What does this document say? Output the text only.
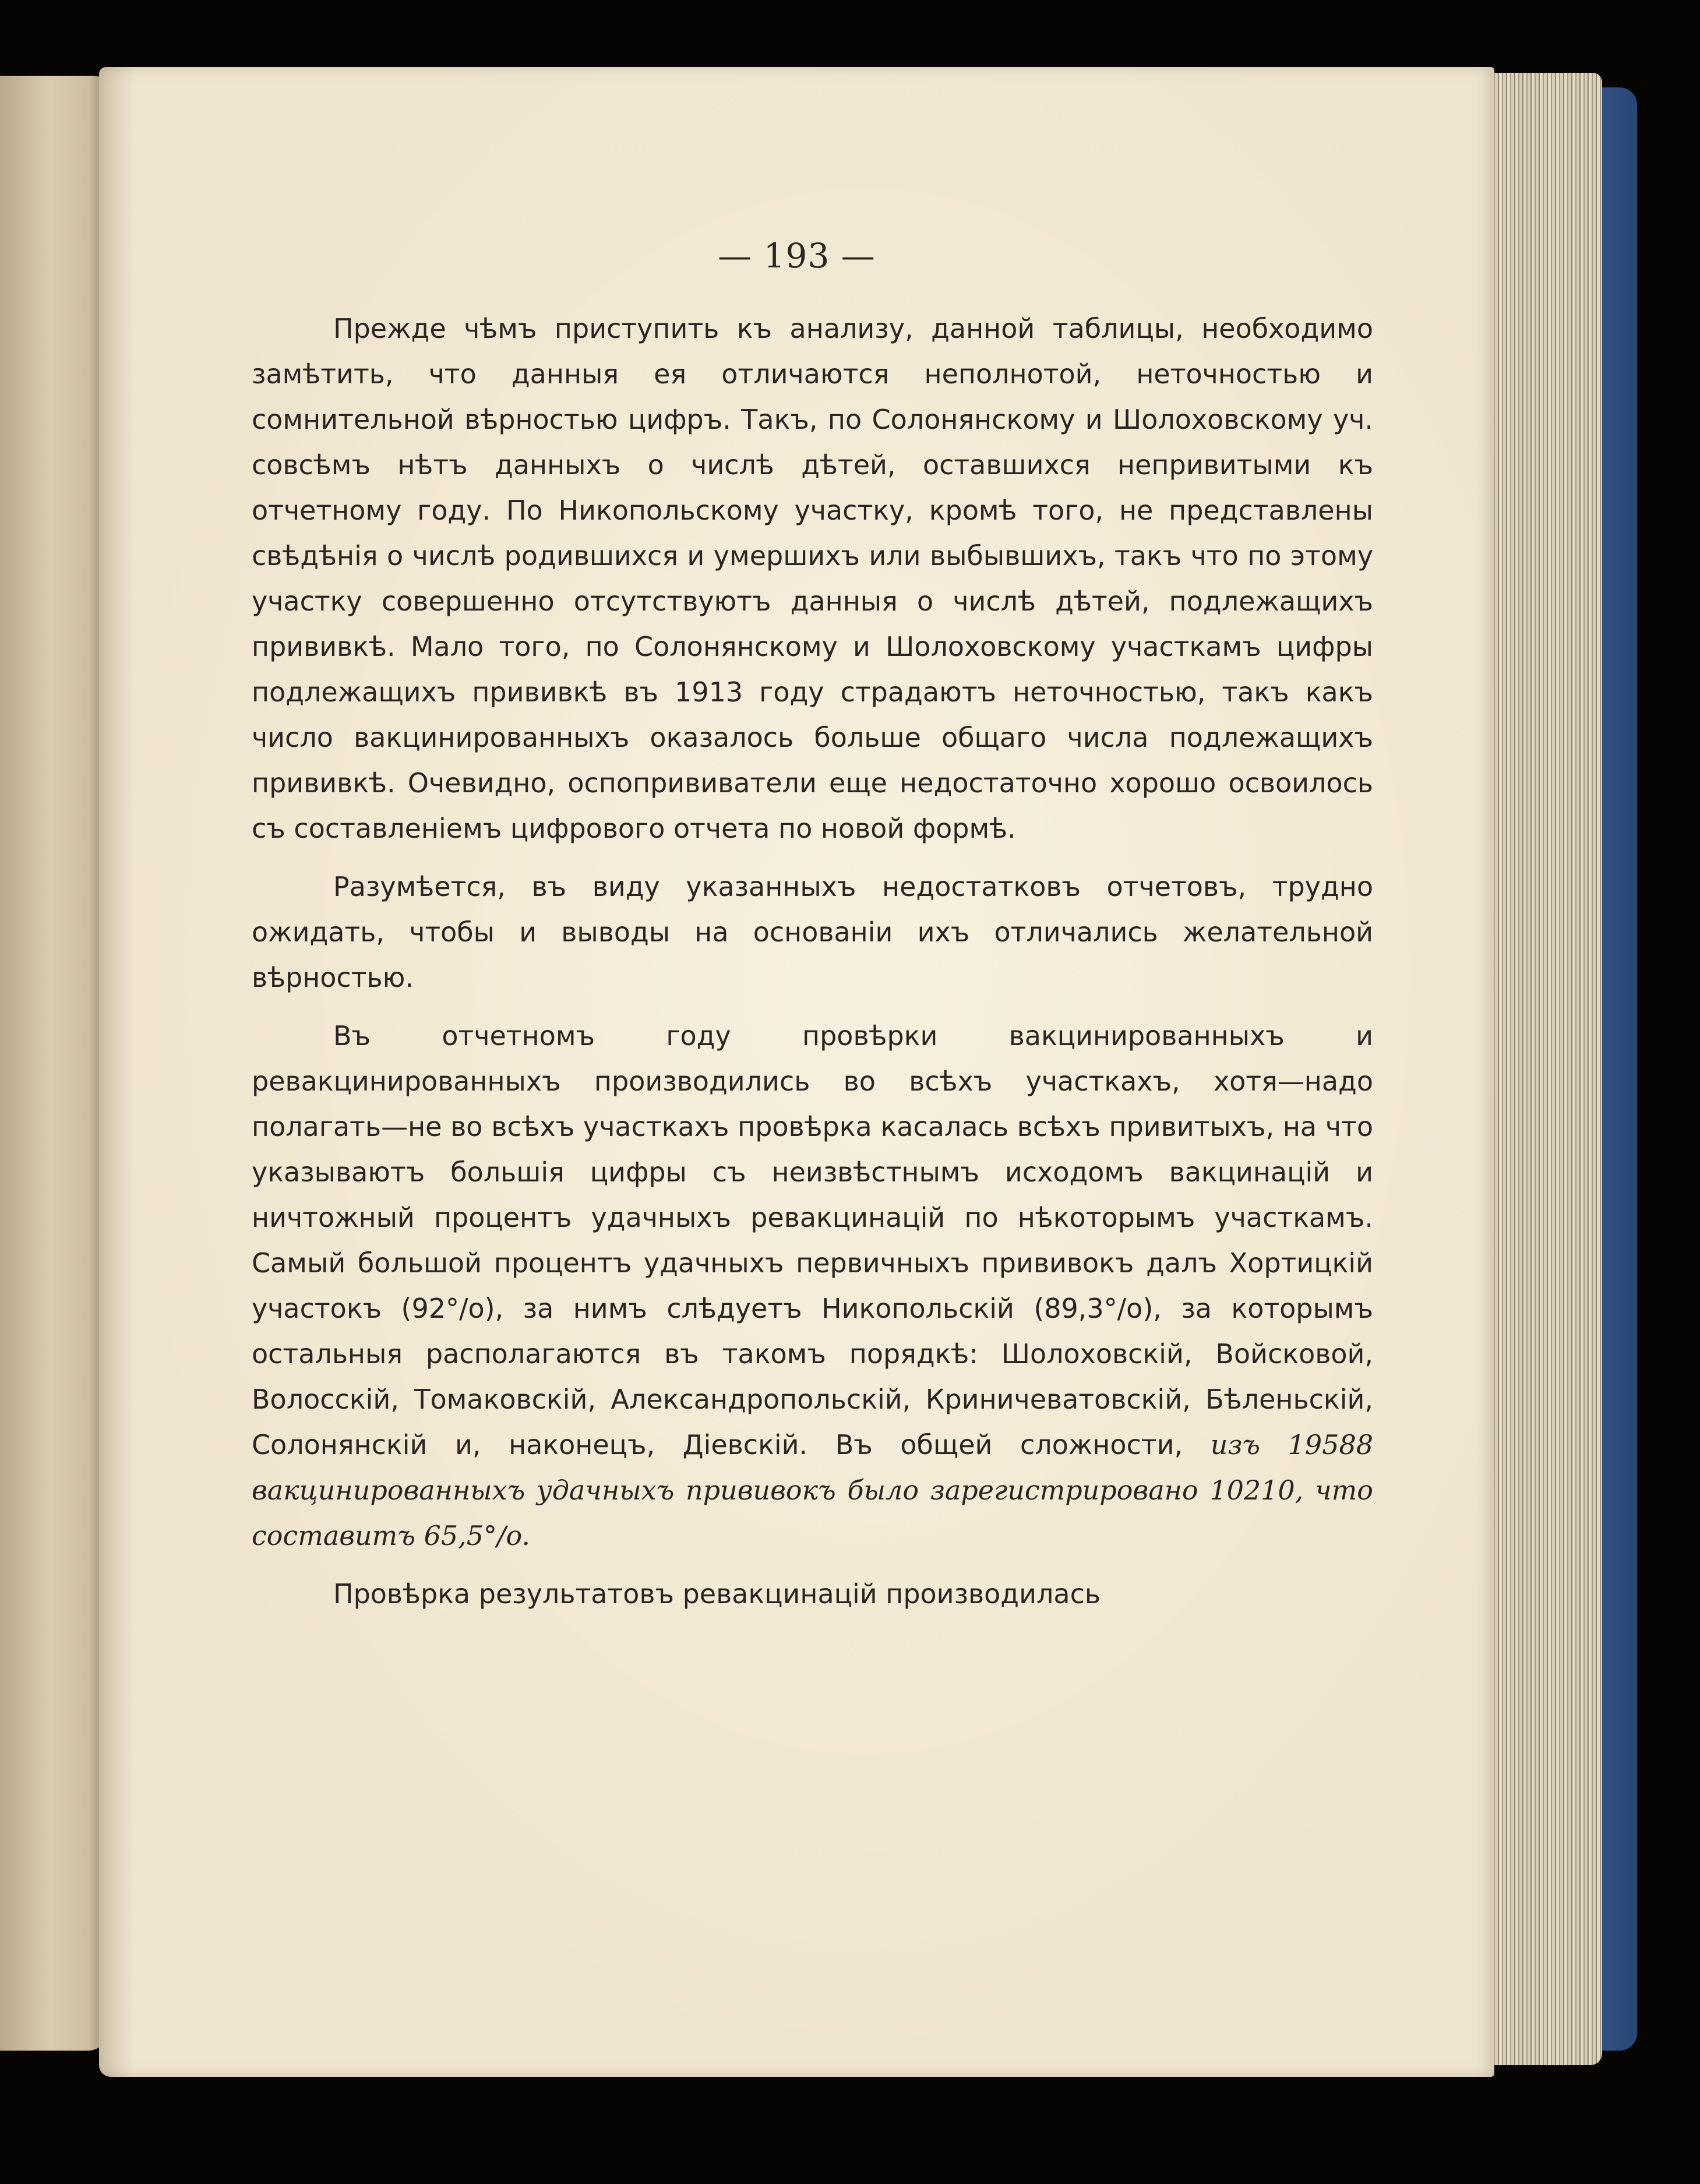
— 193 —

Прежде чѣмъ приступить къ анализу, данной таблицы, необходимо замѣтить, что данныя ея отличаются неполнотой, неточностью и сомнительной вѣрностью цифръ. Такъ, по Солонянскому и Шолоховскому уч. совсѣмъ нѣтъ данныхъ о числѣ дѣтей, оставшихся непривитыми къ отчетному году. По Никопольскому участку, кромѣ того, не представлены свѣдѣнія о числѣ родившихся и умершихъ или выбывшихъ, такъ что по этому участку совершенно отсутствуютъ данныя о числѣ дѣтей, подлежащихъ прививкѣ. Мало того, по Солонянскому и Шолоховскому участкамъ цифры подлежащихъ прививкѣ въ 1913 году страдаютъ неточностью, такъ какъ число вакцинированныхъ оказалось больше общаго числа подлежащихъ прививкѣ. Очевидно, оспопрививатели еще недостаточно хорошо освоилось съ составленіемъ цифрового отчета по новой формѣ.

Разумѣется, въ виду указанныхъ недостатковъ отчетовъ, трудно ожидать, чтобы и выводы на основаніи ихъ отличались желательной вѣрностью.

Въ отчетномъ году провѣрки вакцинированныхъ и ревакцинированныхъ производились во всѣхъ участкахъ, хотя—надо полагать—не во всѣхъ участкахъ провѣрка касалась всѣхъ привитыхъ, на что указываютъ большія цифры съ неизвѣстнымъ исходомъ вакцинацій и ничтожный процентъ удачныхъ ревакцинацій по нѣкоторымъ участкамъ. Самый большой процентъ удачныхъ первичныхъ прививокъ далъ Хортицкій участокъ (92°/o), за нимъ слѣдуетъ Никопольскій (89,3°/o), за которымъ остальныя располагаются въ такомъ порядкѣ: Шолоховскій, Войсковой, Волосскій, Томаковскій, Александропольскій, Криничеватовскій, Бѣленьскій, Солонянскій и, наконецъ, Діевскій. Въ общей сложности, изъ 19588 вакцинированныхъ удачныхъ прививокъ было зарегистрировано 10210, что составитъ 65,5°/o.

Провѣрка результатовъ ревакцинацій производилась
